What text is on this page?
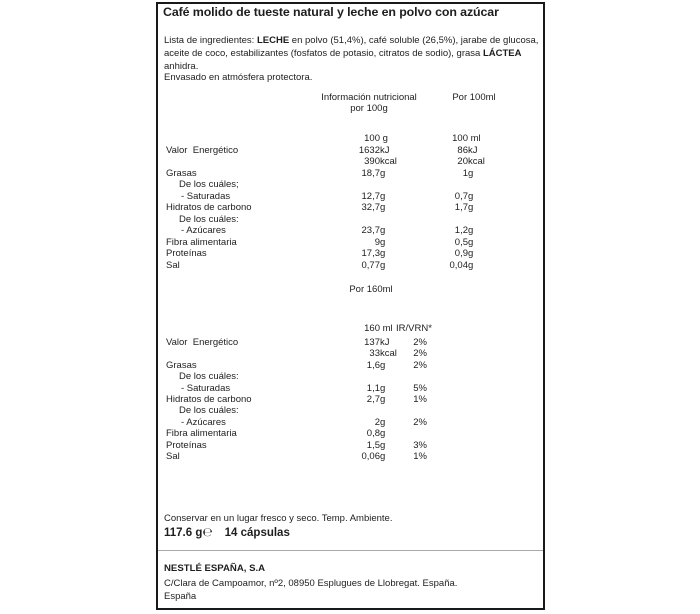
Café molido de tueste natural y leche en polvo con azúcar

Lista de ingredientes: LECHE en polvo (51,4%), café soluble (26,5%), jarabe de glucosa, aceite de coco, estabilizantes (fosfatos de potasio, citratos de sodio), grasa LÁCTEA anhidra.

Envasado en atmósfera protectora.

Información nutricional
por 100g
Por 100ml
100 g	100 ml
Valor  Energético	1632 kJ	86 kJ
390 kcal	20 kcal
Grasas	18,7 g	1 g
De los cuáles;
- Saturadas	12,7 g	0,7 g
Hidratos de carbono	32,7 g	1,7 g
De los cuáles:
- Azúcares	23,7 g	1,2 g
Fibra alimentaria	9 g	0,5 g
Proteínas	17,3 g	0,9 g
Sal	0,77 g	0,04 g
Por 160ml
160 ml IR/VRN*
Valor  Energético	137 kJ	2%
33 kcal	2%
Grasas	1,6 g	2%
De los cuáles:
- Saturadas	1,1 g	5%
Hidratos de carbono	2,7 g	1%
De los cuáles:
- Azúcares	2 g	2%
Fibra alimentaria	0,8 g
Proteínas	1,5 g	3%
Sal	0,06 g	1%

Conservar en un lugar fresco y seco. Temp. Ambiente.

117.6 g℮ 14 cápsulas
NESTLÉ ESPAÑA, S.A
C/Clara de Campoamor, nº2, 08950 Esplugues de Llobregat. España.
España
